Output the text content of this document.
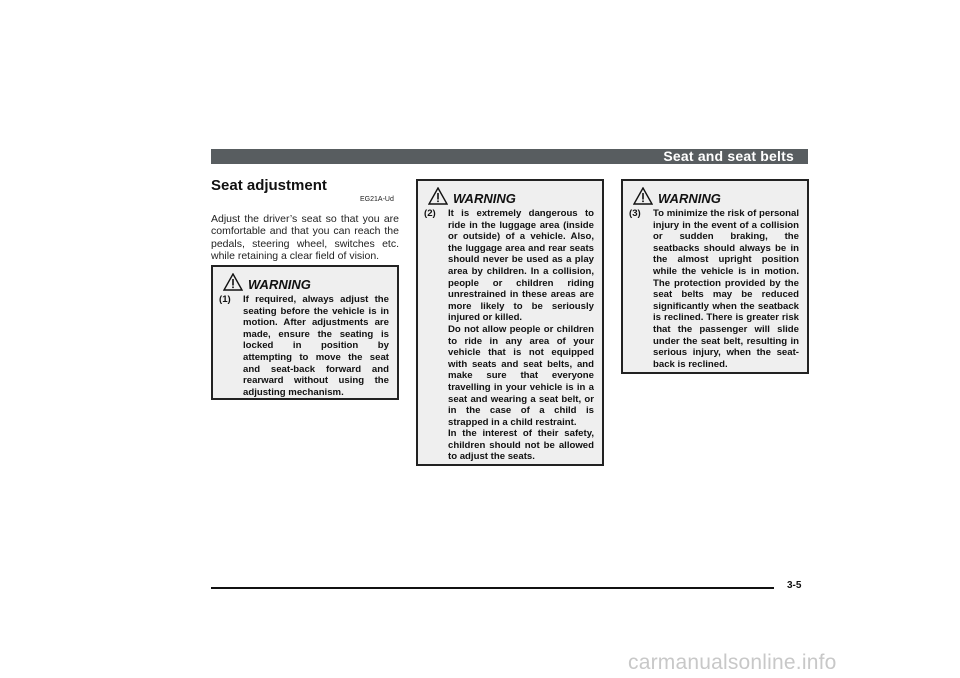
Seat and seat belts
Seat adjustment
EG21A-Ud
Adjust the driver’s seat so that you are comfortable and that you can reach the pedals, steering wheel, switches etc. while retaining a clear field of vision.
WARNING
(1) If required, always adjust the seating before the vehicle is in motion. After adjustments are made, ensure the seating is locked in position by attempting to move the seat and seat-back forward and rearward without using the adjusting mechanism.

WARNING
(2) It is extremely dangerous to ride in the luggage area (inside or outside) of a vehicle. Also, the luggage area and rear seats should never be used as a play area by children. In a collision, people or children riding unrestrained in these areas are more likely to be seriously injured or killed.

Do not allow people or children to ride in any area of your vehicle that is not equipped with seats and seat belts, and make sure that everyone travelling in your vehicle is in a seat and wearing a seat belt, or in the case of a child is strapped in a child restraint.

In the interest of their safety, children should not be allowed to adjust the seats.

WARNING
(3) To minimize the risk of personal injury in the event of a collision or sudden braking, the seatbacks should always be in the almost upright position while the vehicle is in motion. The protection provided by the seat belts may be reduced significantly when the seatback is reclined. There is greater risk that the passenger will slide under the seat belt, resulting in serious injury, when the seat-back is reclined.

3-5
carmanualsonline.info
